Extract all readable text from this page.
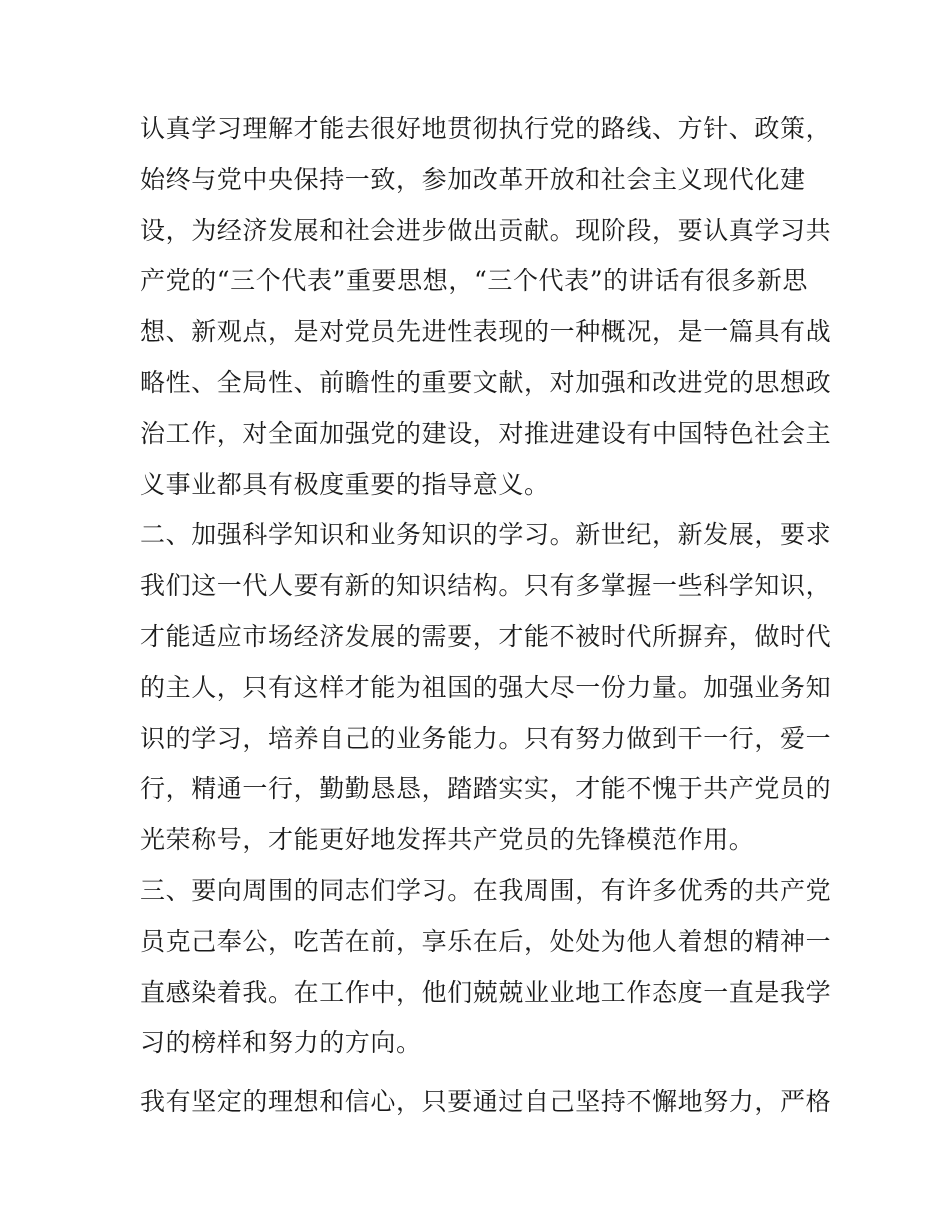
认真学习理解才能去很好地贯彻执行党的路线、方针、政策，
始终与党中央保持一致，参加改革开放和社会主义现代化建
设，为经济发展和社会进步做出贡献。现阶段，要认真学习共
产党的“三个代表”重要思想，“三个代表”的讲话有很多新思
想、新观点，是对党员先进性表现的一种概况，是一篇具有战
略性、全局性、前瞻性的重要文献，对加强和改进党的思想政
治工作，对全面加强党的建设，对推进建设有中国特色社会主
义事业都具有极度重要的指导意义。
二、加强科学知识和业务知识的学习。新世纪，新发展，要求
我们这一代人要有新的知识结构。只有多掌握一些科学知识，
才能适应市场经济发展的需要，才能不被时代所摒弃，做时代
的主人，只有这样才能为祖国的强大尽一份力量。加强业务知
识的学习，培养自己的业务能力。只有努力做到干一行，爱一
行，精通一行，勤勤恳恳，踏踏实实，才能不愧于共产党员的
光荣称号，才能更好地发挥共产党员的先锋模范作用。
三、要向周围的同志们学习。在我周围，有许多优秀的共产党
员克己奉公，吃苦在前，享乐在后，处处为他人着想的精神一
直感染着我。在工作中，他们兢兢业业地工作态度一直是我学
习的榜样和努力的方向。
我有坚定的理想和信心，只要通过自己坚持不懈地努力，严格
